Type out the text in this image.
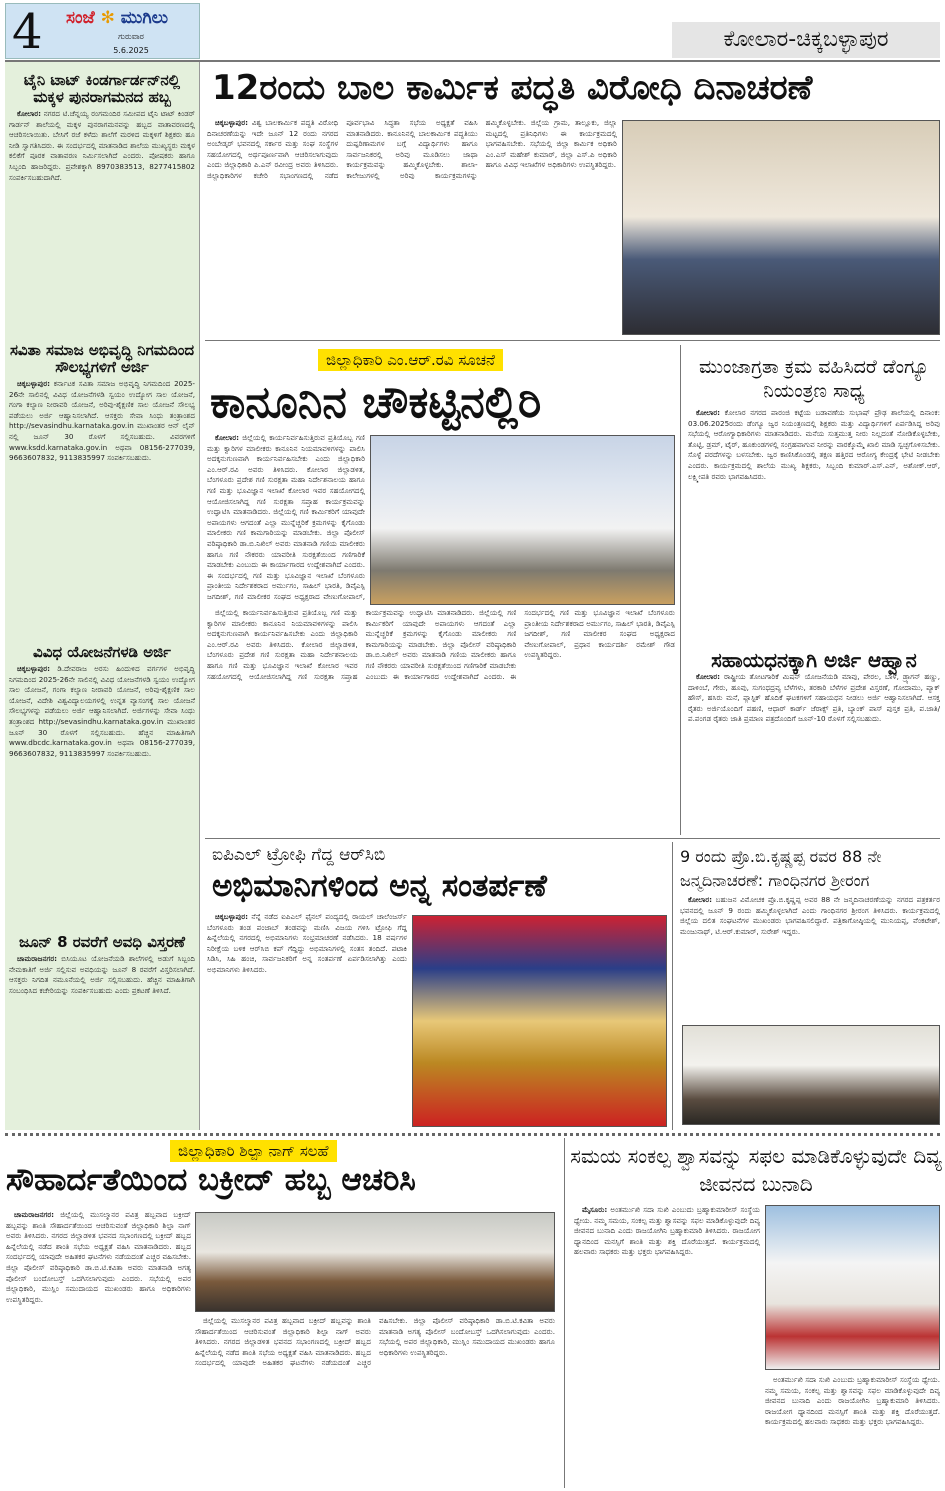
4 ಸಂಜೆ ✻ ಮುಗಿಲು
ಗುರುವಾರ
5.6.2025	ಕೋಲಾರ-ಚಿಕ್ಕಬಳ್ಳಾಪುರ
ಟೈನಿ ಟಾಟ್ ಕಿಂಡರ್ಗಾರ್ಡನ್‌ನಲ್ಲಿ ಮಕ್ಕಳ ಪುನರಾಗಮನದ ಹಬ್ಬ

ಕೋಲಾರ: ನಗರದ ಟಿ.ಚೆನ್ನಯ್ಯ ರಂಗಮಂದಿರ ಸಮೀಪದ ಟೈನಿ ಟಾಟ್ ಕಿಂಡರ್ ಗಾರ್ಡನ್ ಶಾಲೆಯಲ್ಲಿ ಮಕ್ಕಳ ಪುನರಾಗಮನವನ್ನು ಹಬ್ಬದ ವಾತಾವರಣದಲ್ಲಿ ಆಚರಿಸಲಾಯಿತು. ಬೇಸಿಗೆ ರಜೆ ಕಳೆದು ಶಾಲೆಗೆ ಮರಳಿದ ಮಕ್ಕಳಿಗೆ ಶಿಕ್ಷಕರು ಹೂ ನೀಡಿ ಸ್ವಾಗತಿಸಿದರು. ಈ ಸಂದರ್ಭದಲ್ಲಿ ಮಾತನಾಡಿದ ಶಾಲೆಯ ಮುಖ್ಯಸ್ಥರು ಮಕ್ಕಳ ಕಲಿಕೆಗೆ ಪೂರಕ ವಾತಾವರಣ ನಿರ್ಮಿಸಲಾಗಿದೆ ಎಂದರು. ಪೋಷಕರು ಹಾಗೂ ಸಿಬ್ಬಂದಿ ಹಾಜರಿದ್ದರು. ಪ್ರವೇಶಕ್ಕಾಗಿ 8970383513, 8277415802 ಸಂಪರ್ಕಿಸಬಹುದಾಗಿದೆ.

ಸವಿತಾ ಸಮಾಜ ಅಭಿವೃದ್ಧಿ ನಿಗಮದಿಂದ ಸೌಲಭ್ಯಗಳಿಗೆ ಅರ್ಜಿ

ಚಿಕ್ಕಬಳ್ಳಾಪುರ: ಕರ್ನಾಟಕ ಸವಿತಾ ಸಮಾಜ ಅಭಿವೃದ್ಧಿ ನಿಗಮದಿಂದ 2025-26ನೇ ಸಾಲಿನಲ್ಲಿ ವಿವಿಧ ಯೋಜನೆಗಳಡಿ ಸ್ವಯಂ ಉದ್ಯೋಗ ಸಾಲ ಯೋಜನೆ, ಗಂಗಾ ಕಲ್ಯಾಣ ನೀರಾವರಿ ಯೋಜನೆ, ಅರಿವು-ಶೈಕ್ಷಣಿಕ ಸಾಲ ಯೋಜನೆ ಸೌಲಭ್ಯ ಪಡೆಯಲು ಅರ್ಜಿ ಆಹ್ವಾನಿಸಲಾಗಿದೆ. ಆಸಕ್ತರು ಸೇವಾ ಸಿಂಧು ತಂತ್ರಾಂಶದ http://sevasindhu.karnataka.gov.in ಮುಖಾಂತರ ಆನ್ ಲೈನ್ ನಲ್ಲಿ ಜೂನ್ 30 ರೊಳಗೆ ಸಲ್ಲಿಸಬಹುದು. ವಿವರಗಳಿಗೆ www.ksdd.karnataka.gov.in ಅಥವಾ 08156-277039, 9663607832, 9113835997 ಸಂಪರ್ಕಿಸಬಹುದು.

ವಿವಿಧ ಯೋಜನೆಗಳಡಿ ಅರ್ಜಿ

ಚಿಕ್ಕಬಳ್ಳಾಪುರ: ಡಿ.ದೇವರಾಜ ಅರಸು ಹಿಂದುಳಿದ ವರ್ಗಗಳ ಅಭಿವೃದ್ಧಿ ನಿಗಮದಿಂದ 2025-26ನೇ ಸಾಲಿನಲ್ಲಿ ವಿವಿಧ ಯೋಜನೆಗಳಡಿ ಸ್ವಯಂ ಉದ್ಯೋಗ ಸಾಲ ಯೋಜನೆ, ಗಂಗಾ ಕಲ್ಯಾಣ ನೀರಾವರಿ ಯೋಜನೆ, ಅರಿವು-ಶೈಕ್ಷಣಿಕ ಸಾಲ ಯೋಜನೆ, ವಿದೇಶಿ ವಿಶ್ವವಿದ್ಯಾಲಯಗಳಲ್ಲಿ ಉನ್ನತ ವ್ಯಾಸಂಗಕ್ಕೆ ಸಾಲ ಯೋಜನೆ ಸೌಲಭ್ಯಗಳನ್ನು ಪಡೆಯಲು ಅರ್ಜಿ ಆಹ್ವಾನಿಸಲಾಗಿದೆ. ಅರ್ಜಿಗಳನ್ನು ಸೇವಾ ಸಿಂಧು ತಂತ್ರಾಂಶದ http://sevasindhu.karnataka.gov.in ಮುಖಾಂತರ ಜೂನ್ 30 ರೊಳಗೆ ಸಲ್ಲಿಸಬಹುದು. ಹೆಚ್ಚಿನ ಮಾಹಿತಿಗಾಗಿ www.dbcdc.karnataka.gov.in ಅಥವಾ 08156-277039, 9663607832, 9113835997 ಸಂಪರ್ಕಿಸಬಹುದು.

ಜೂನ್ 8 ರವರೆಗೆ ಅವಧಿ ವಿಸ್ತರಣೆ

ಚಾಮರಾಜನಗರ: ಬಿಸಿಯೂಟ ಯೋಜನೆಯಡಿ ಶಾಲೆಗಳಲ್ಲಿ ಅಡುಗೆ ಸಿಬ್ಬಂದಿ ನೇಮಕಾತಿಗೆ ಅರ್ಜಿ ಸಲ್ಲಿಸುವ ಅವಧಿಯನ್ನು ಜೂನ್ 8 ರವರೆಗೆ ವಿಸ್ತರಿಸಲಾಗಿದೆ. ಆಸಕ್ತರು ನಿಗದಿತ ನಮೂನೆಯಲ್ಲಿ ಅರ್ಜಿ ಸಲ್ಲಿಸಬಹುದು. ಹೆಚ್ಚಿನ ಮಾಹಿತಿಗಾಗಿ ಸಂಬಂಧಿಸಿದ ಕಚೇರಿಯನ್ನು ಸಂಪರ್ಕಿಸಬಹುದು ಎಂದು ಪ್ರಕಟಣೆ ತಿಳಿಸಿದೆ.

12ರಂದು ಬಾಲ ಕಾರ್ಮಿಕ ಪದ್ಧತಿ ವಿರೋಧಿ ದಿನಾಚರಣೆ

ಚಿಕ್ಕಬಳ್ಳಾಪುರ: ವಿಶ್ವ ಬಾಲಕಾರ್ಮಿಕ ಪದ್ಧತಿ ವಿರೋಧಿ ದಿನಾಚರಣೆಯನ್ನು ಇದೇ ಜೂನ್ 12 ರಂದು ನಗರದ ಅಂಬೇಡ್ಕರ್ ಭವನದಲ್ಲಿ ಸರ್ಕಾರ ಮತ್ತು ಸಂಘ ಸಂಸ್ಥೆಗಳ ಸಹಯೋಗದಲ್ಲಿ ಅರ್ಥಪೂರ್ಣವಾಗಿ ಆಚರಿಸಲಾಗುವುದು ಎಂದು ಜಿಲ್ಲಾಧಿಕಾರಿ ಪಿ.ಎನ್ ರವೀಂದ್ರ ಅವರು ತಿಳಿಸಿದರು. ಜಿಲ್ಲಾಧಿಕಾರಿಗಳ ಕಚೇರಿ ಸಭಾಂಗಣದಲ್ಲಿ ನಡೆದ ಪೂರ್ವಭಾವಿ ಸಿದ್ಧತಾ ಸಭೆಯ ಅಧ್ಯಕ್ಷತೆ ವಹಿಸಿ ಮಾತನಾಡಿದರು. ಕಾನೂನಿನಲ್ಲಿ ಬಾಲಕಾರ್ಮಿಕ ಪದ್ಧತಿಯು ದುಷ್ಪರಿಣಾಮಗಳ ಬಗ್ಗೆ ವಿದ್ಯಾರ್ಥಿಗಳು ಹಾಗೂ ಸಾರ್ವಜನಿಕರಲ್ಲಿ ಅರಿವು ಮೂಡಿಸಲು ಜಾಥಾ ಕಾರ್ಯಕ್ರಮವನ್ನು ಹಮ್ಮಿಕೊಳ್ಳಬೇಕು. ಶಾಲಾ-ಕಾಲೇಜುಗಳಲ್ಲಿ ಅರಿವು ಕಾರ್ಯಕ್ರಮಗಳನ್ನು ಹಮ್ಮಿಕೊಳ್ಳಬೇಕು. ಜಿಲ್ಲೆಯ ಗ್ರಾಮ, ತಾಲ್ಲೂಕು, ಜಿಲ್ಲಾ ಮಟ್ಟದಲ್ಲಿ ಪ್ರತಿನಿಧಿಗಳು ಈ ಕಾರ್ಯಕ್ರಮದಲ್ಲಿ ಭಾಗವಹಿಸಬೇಕು. ಸಭೆಯಲ್ಲಿ ಜಿಲ್ಲಾ ಕಾರ್ಮಿಕ ಅಧಿಕಾರಿ ಎಂ.ಎಸ್ ಮಹೇಶ್ ಕುಮಾರ್, ಜಿಲ್ಲಾ ಎಸ್.ಪಿ ಅಧಿಕಾರಿ ಹಾಗೂ ವಿವಿಧ ಇಲಾಖೆಗಳ ಅಧಿಕಾರಿಗಳು ಉಪಸ್ಥಿತರಿದ್ದರು.

ಜಿಲ್ಲಾಧಿಕಾರಿ ಎಂ.ಆರ್.ರವಿ ಸೂಚನೆ
ಕಾನೂನಿನ ಚೌಕಟ್ಟಿನಲ್ಲಿರಿ

ಕೋಲಾರ: ಜಿಲ್ಲೆಯಲ್ಲಿ ಕಾರ್ಯನಿರ್ವಹಿಸುತ್ತಿರುವ ಪ್ರತಿಯೊಬ್ಬ ಗಣಿ ಮತ್ತು ಕ್ವಾರಿಗಳ ಮಾಲೀಕರು ಕಾನೂನಿನ ನಿಯಮಾವಳಿಗಳನ್ನು ಪಾಲಿಸಿ ಅದಕ್ಕನುಗುಣವಾಗಿ ಕಾರ್ಯನಿರ್ವಹಿಸಬೇಕು ಎಂದು ಜಿಲ್ಲಾಧಿಕಾರಿ ಎಂ.ಆರ್.ರವಿ ಅವರು ತಿಳಿಸಿದರು. ಕೋಲಾರ ಜಿಲ್ಲಾಡಳಿತ, ಬೆಂಗಳೂರು ಪ್ರದೇಶ ಗಣಿ ಸುರಕ್ಷತಾ ಮಹಾ ನಿರ್ದೇಶನಾಲಯ ಹಾಗೂ ಗಣಿ ಮತ್ತು ಭೂವಿಜ್ಞಾನ ಇಲಾಖೆ ಕೋಲಾರ ಇವರ ಸಹಯೋಗದಲ್ಲಿ ಆಯೋಜಿಸಲಾಗಿದ್ದ ಗಣಿ ಸುರಕ್ಷತಾ ಸಪ್ತಾಹ ಕಾರ್ಯಕ್ರಮವನ್ನು ಉದ್ಘಾಟಿಸಿ ಮಾತನಾಡಿದರು. ಜಿಲ್ಲೆಯಲ್ಲಿ ಗಣಿ ಕಾರ್ಮಿಕರಿಗೆ ಯಾವುದೇ ಅಪಾಯಗಳು ಆಗದಂತೆ ಎಲ್ಲಾ ಮುನ್ನೆಚ್ಚರಿಕೆ ಕ್ರಮಗಳನ್ನು ಕೈಗೊಂಡು ಮಾಲೀಕರು ಗಣಿ ಕಾಮಗಾರಿಯನ್ನು ಮಾಡಬೇಕು. ಜಿಲ್ಲಾ ಪೊಲೀಸ್ ವರಿಷ್ಠಾಧಿಕಾರಿ ಡಾ.ಬಿ.ನಿಖಿಲ್ ಅವರು ಮಾತನಾಡಿ ಗಣಿಯ ಮಾಲೀಕರು ಹಾಗೂ ಗಣಿ ನೌಕರರು ಯಾವರೀತಿ ಸುರಕ್ಷತೆಯಿಂದ ಗಣಿಗಾರಿಕೆ ಮಾಡಬೇಕು ಎಂಬುದು ಈ ಕಾರ್ಯಾಗಾರದ ಉದ್ದೇಶವಾಗಿದೆ ಎಂದರು. ಈ ಸಂದರ್ಭದಲ್ಲಿ ಗಣಿ ಮತ್ತು ಭೂವಿಜ್ಞಾನ ಇಲಾಖೆ ಬೆಂಗಳೂರು ಪ್ರಾಂತೀಯ ನಿರ್ದೇಶಕರಾದ ಅರ್ಮುಗಂ, ಸಾಹಿಲ್ ಭಾರತಿ, ಡಿವೈಎಸ್ಪಿ ಜಗದೀಶ್, ಗಣಿ ಮಾಲೀಕರ ಸಂಘದ ಅಧ್ಯಕ್ಷರಾದ ವೇಣುಗೋಪಾಲ್,

ಜಿಲ್ಲೆಯಲ್ಲಿ ಕಾರ್ಯನಿರ್ವಹಿಸುತ್ತಿರುವ ಪ್ರತಿಯೊಬ್ಬ ಗಣಿ ಮತ್ತು ಕ್ವಾರಿಗಳ ಮಾಲೀಕರು ಕಾನೂನಿನ ನಿಯಮಾವಳಿಗಳನ್ನು ಪಾಲಿಸಿ ಅದಕ್ಕನುಗುಣವಾಗಿ ಕಾರ್ಯನಿರ್ವಹಿಸಬೇಕು ಎಂದು ಜಿಲ್ಲಾಧಿಕಾರಿ ಎಂ.ಆರ್.ರವಿ ಅವರು ತಿಳಿಸಿದರು. ಕೋಲಾರ ಜಿಲ್ಲಾಡಳಿತ, ಬೆಂಗಳೂರು ಪ್ರದೇಶ ಗಣಿ ಸುರಕ್ಷತಾ ಮಹಾ ನಿರ್ದೇಶನಾಲಯ ಹಾಗೂ ಗಣಿ ಮತ್ತು ಭೂವಿಜ್ಞಾನ ಇಲಾಖೆ ಕೋಲಾರ ಇವರ ಸಹಯೋಗದಲ್ಲಿ ಆಯೋಜಿಸಲಾಗಿದ್ದ ಗಣಿ ಸುರಕ್ಷತಾ ಸಪ್ತಾಹ ಕಾರ್ಯಕ್ರಮವನ್ನು ಉದ್ಘಾಟಿಸಿ ಮಾತನಾಡಿದರು. ಜಿಲ್ಲೆಯಲ್ಲಿ ಗಣಿ ಕಾರ್ಮಿಕರಿಗೆ ಯಾವುದೇ ಅಪಾಯಗಳು ಆಗದಂತೆ ಎಲ್ಲಾ ಮುನ್ನೆಚ್ಚರಿಕೆ ಕ್ರಮಗಳನ್ನು ಕೈಗೊಂಡು ಮಾಲೀಕರು ಗಣಿ ಕಾಮಗಾರಿಯನ್ನು ಮಾಡಬೇಕು. ಜಿಲ್ಲಾ ಪೊಲೀಸ್ ವರಿಷ್ಠಾಧಿಕಾರಿ ಡಾ.ಬಿ.ನಿಖಿಲ್ ಅವರು ಮಾತನಾಡಿ ಗಣಿಯ ಮಾಲೀಕರು ಹಾಗೂ ಗಣಿ ನೌಕರರು ಯಾವರೀತಿ ಸುರಕ್ಷತೆಯಿಂದ ಗಣಿಗಾರಿಕೆ ಮಾಡಬೇಕು ಎಂಬುದು ಈ ಕಾರ್ಯಾಗಾರದ ಉದ್ದೇಶವಾಗಿದೆ ಎಂದರು. ಈ ಸಂದರ್ಭದಲ್ಲಿ ಗಣಿ ಮತ್ತು ಭೂವಿಜ್ಞಾನ ಇಲಾಖೆ ಬೆಂಗಳೂರು ಪ್ರಾಂತೀಯ ನಿರ್ದೇಶಕರಾದ ಅರ್ಮುಗಂ, ಸಾಹಿಲ್ ಭಾರತಿ, ಡಿವೈಎಸ್ಪಿ ಜಗದೀಶ್, ಗಣಿ ಮಾಲೀಕರ ಸಂಘದ ಅಧ್ಯಕ್ಷರಾದ ವೇಣುಗೋಪಾಲ್, ಪ್ರಧಾನ ಕಾರ್ಯದರ್ಶಿ ರಮೇಶ್ ಗೌಡ ಉಪಸ್ಥಿತರಿದ್ದರು.

ಮುಂಜಾಗ್ರತಾ ಕ್ರಮ ವಹಿಸಿದರೆ ಡೆಂಗ್ಯೂ ನಿಯಂತ್ರಣ ಸಾಧ್ಯ

ಕೋಲಾರ: ಕೋಲಾರ ನಗರದ ಪಾರಂಜಿ ಕಟ್ಟೆಯ ಬಡಾವಣೆಯ ಸುಭಾಷ್ ಪ್ರೌಢ ಶಾಲೆಯಲ್ಲಿ ದಿನಾಂಕ: 03.06.2025ರಂದು ಡೆಂಗ್ಯೂ ಜ್ವರ ನಿಯಂತ್ರಣದಲ್ಲಿ ಶಿಕ್ಷಕರು ಮತ್ತು ವಿದ್ಯಾರ್ಥಿಗಳಿಗೆ ಏರ್ಪಡಿಸಿದ್ದ ಅರಿವು ಸಭೆಯಲ್ಲಿ ಆರೋಗ್ಯಾಧಿಕಾರಿಗಳು ಮಾತನಾಡಿದರು. ಮನೆಯ ಸುತ್ತಮುತ್ತ ನೀರು ನಿಲ್ಲದಂತೆ ನೋಡಿಕೊಳ್ಳಬೇಕು, ತೊಟ್ಟಿ, ಡ್ರಮ್, ಟೈರ್, ಹೂಕುಂಡಗಳಲ್ಲಿ ಸಂಗ್ರಹವಾಗುವ ನೀರನ್ನು ವಾರಕ್ಕೊಮ್ಮೆ ಖಾಲಿ ಮಾಡಿ ಸ್ವಚ್ಛಗೊಳಿಸಬೇಕು. ಸೊಳ್ಳೆ ಪರದೆಗಳನ್ನು ಬಳಸಬೇಕು. ಜ್ವರ ಕಾಣಿಸಿಕೊಂಡಲ್ಲಿ ತಕ್ಷಣ ಹತ್ತಿರದ ಆರೋಗ್ಯ ಕೇಂದ್ರಕ್ಕೆ ಭೇಟಿ ನೀಡಬೇಕು ಎಂದರು. ಕಾರ್ಯಕ್ರಮದಲ್ಲಿ ಶಾಲೆಯ ಮುಖ್ಯ ಶಿಕ್ಷಕರು, ಸಿಬ್ಬಂದಿ ಕುಮಾರ್.ಎಸ್.ಎನ್, ಅಶೋಕ್.ಆರ್, ಲಕ್ಷ್ಮೀಪತಿ ರವರು ಭಾಗವಹಿಸಿದರು.

ಸಹಾಯಧನಕ್ಕಾಗಿ ಅರ್ಜಿ ಆಹ್ವಾನ

ಕೋಲಾರ: ರಾಷ್ಟ್ರೀಯ ತೋಟಗಾರಿಕೆ ಮಿಷನ್ ಯೋಜನೆಯಡಿ ಮಾವು, ಪೇರಲ, ಬಾಳೆ, ಡ್ರ್ಯಾಗನ್ ಹಣ್ಣು, ದಾಳಿಂಬೆ, ಗೇರು, ಹೂವು, ಸುಗಂಧದ್ರವ್ಯ ಬೆಳೆಗಳು, ತರಕಾರಿ ಬೆಳೆಗಳ ಪ್ರದೇಶ ವಿಸ್ತರಣೆ, ಗೋದಾಮು, ಪ್ಯಾಕ್ ಹೌಸ್, ಹಸಿರು ಮನೆ, ಪ್ಲಾಸ್ಟಿಕ್ ಹೊದಿಕೆ ಘಟಕಗಳಿಗೆ ಸಹಾಯಧನ ನೀಡಲು ಅರ್ಜಿ ಆಹ್ವಾನಿಸಲಾಗಿದೆ. ಆಸಕ್ತ ರೈತರು ಅರ್ಜಿಯೊಂದಿಗೆ ಪಹಣಿ, ಆಧಾರ್ ಕಾರ್ಡ್ ಜೆರಾಕ್ಸ್ ಪ್ರತಿ, ಬ್ಯಾಂಕ್ ಪಾಸ್ ಪುಸ್ತಕ ಪ್ರತಿ, ಪ.ಜಾತಿ/ಪ.ಪಂಗಡ ರೈತರು ಜಾತಿ ಪ್ರಮಾಣ ಪತ್ರದೊಂದಿಗೆ ಜೂನ್-10 ರೊಳಗೆ ಸಲ್ಲಿಸಬಹುದು.

ಐಪಿಎಲ್ ಟ್ರೋಫಿ ಗೆದ್ದ ಆರ್‌ಸಿಬಿ
ಅಭಿಮಾನಿಗಳಿಂದ ಅನ್ನ ಸಂತರ್ಪಣೆ

ಚಿಕ್ಕಬಳ್ಳಾಪುರ: ನೆನ್ನೆ ನಡೆದ ಐಪಿಎಲ್ ಫೈನಲ್ ಪಂದ್ಯದಲ್ಲಿ ರಾಯಲ್ ಚಾಲೆಂಜರ್ಸ್ ಬೆಂಗಳೂರು ತಂಡ ಪಂಜಾಬ್ ತಂಡವನ್ನು ಮಣಿಸಿ ವಿಜಯ ಗಳಿಸಿ ಟ್ರೋಫಿ ಗೆದ್ದ ಹಿನ್ನೆಲೆಯಲ್ಲಿ ನಗರದಲ್ಲಿ ಅಭಿಮಾನಿಗಳು ಸಂಭ್ರಮಾಚರಣೆ ನಡೆಸಿದರು. 18 ವರ್ಷಗಳ ನಿರೀಕ್ಷೆಯ ಬಳಿಕ ಆರ್‌ಸಿಬಿ ಕಪ್ ಗೆದ್ದಿದ್ದು ಅಭಿಮಾನಿಗಳಲ್ಲಿ ಸಂತಸ ತಂದಿದೆ. ಪಟಾಕಿ ಸಿಡಿಸಿ, ಸಿಹಿ ಹಂಚಿ, ಸಾರ್ವಜನಿಕರಿಗೆ ಅನ್ನ ಸಂತರ್ಪಣೆ ಏರ್ಪಡಿಸಲಾಗಿತ್ತು ಎಂದು ಅಭಿಮಾನಿಗಳು ತಿಳಿಸಿದರು.

9 ರಂದು ಪ್ರೊ.ಬಿ.ಕೃಷ್ಣಪ್ಪ ರವರ 88 ನೇ ಜನ್ಮದಿನಾಚರಣೆ: ಗಾಂಧಿನಗರ ಶ್ರೀರಂಗ

ಕೋಲಾರ: ಬಹುಜನ ವಿಮೋಚಕ ಪ್ರೊ.ಬಿ.ಕೃಷ್ಣಪ್ಪ ಅವರ 88 ನೇ ಜನ್ಮದಿನಾಚರಣೆಯನ್ನು ನಗರದ ಪತ್ರಕರ್ತರ ಭವನದಲ್ಲಿ ಜೂನ್ 9 ರಂದು ಹಮ್ಮಿಕೊಳ್ಳಲಾಗಿದೆ ಎಂದು ಗಾಂಧಿನಗರ ಶ್ರೀರಂಗ ತಿಳಿಸಿದರು. ಕಾರ್ಯಕ್ರಮದಲ್ಲಿ ಜಿಲ್ಲೆಯ ದಲಿತ ಸಂಘಟನೆಗಳ ಮುಖಂಡರು ಭಾಗವಹಿಸಲಿದ್ದಾರೆ. ಪತ್ರಿಕಾಗೋಷ್ಠಿಯಲ್ಲಿ ಮುನಿಯಪ್ಪ, ವೆಂಕಟೇಶ್, ಮಂಜುನಾಥ್, ಟಿ.ಆರ್.ಕುಮಾರ್, ಸುರೇಶ್ ಇದ್ದರು.

ಜಿಲ್ಲಾಧಿಕಾರಿ ಶಿಲ್ಪಾ ನಾಗ್ ಸಲಹೆ
ಸೌಹಾರ್ದತೆಯಿಂದ ಬಕ್ರೀದ್ ಹಬ್ಬ ಆಚರಿಸಿ

ಚಾಮರಾಜನಗರ: ಜಿಲ್ಲೆಯಲ್ಲಿ ಮುಸಲ್ಮಾನರ ಪವಿತ್ರ ಹಬ್ಬವಾದ ಬಕ್ರೀದ್ ಹಬ್ಬವನ್ನು ಶಾಂತಿ ಸೌಹಾರ್ದತೆಯಿಂದ ಆಚರಿಸುವಂತೆ ಜಿಲ್ಲಾಧಿಕಾರಿ ಶಿಲ್ಪಾ ನಾಗ್ ಅವರು ತಿಳಿಸಿದರು. ನಗರದ ಜಿಲ್ಲಾಡಳಿತ ಭವನದ ಸಭಾಂಗಣದಲ್ಲಿ ಬಕ್ರೀದ್ ಹಬ್ಬದ ಹಿನ್ನೆಲೆಯಲ್ಲಿ ನಡೆದ ಶಾಂತಿ ಸಭೆಯ ಅಧ್ಯಕ್ಷತೆ ವಹಿಸಿ ಮಾತನಾಡಿದರು. ಹಬ್ಬದ ಸಂದರ್ಭದಲ್ಲಿ ಯಾವುದೇ ಅಹಿತಕರ ಘಟನೆಗಳು ನಡೆಯದಂತೆ ಎಚ್ಚರ ವಹಿಸಬೇಕು. ಜಿಲ್ಲಾ ಪೊಲೀಸ್ ವರಿಷ್ಠಾಧಿಕಾರಿ ಡಾ.ಬಿ.ಟಿ.ಕವಿತಾ ಅವರು ಮಾತನಾಡಿ ಅಗತ್ಯ ಪೊಲೀಸ್ ಬಂದೋಬಸ್ತ್ ಒದಗಿಸಲಾಗುವುದು ಎಂದರು. ಸಭೆಯಲ್ಲಿ ಅಪರ ಜಿಲ್ಲಾಧಿಕಾರಿ, ಮುಸ್ಲಿಂ ಸಮುದಾಯದ ಮುಖಂಡರು ಹಾಗೂ ಅಧಿಕಾರಿಗಳು ಉಪಸ್ಥಿತರಿದ್ದರು.

ಜಿಲ್ಲೆಯಲ್ಲಿ ಮುಸಲ್ಮಾನರ ಪವಿತ್ರ ಹಬ್ಬವಾದ ಬಕ್ರೀದ್ ಹಬ್ಬವನ್ನು ಶಾಂತಿ ಸೌಹಾರ್ದತೆಯಿಂದ ಆಚರಿಸುವಂತೆ ಜಿಲ್ಲಾಧಿಕಾರಿ ಶಿಲ್ಪಾ ನಾಗ್ ಅವರು ತಿಳಿಸಿದರು. ನಗರದ ಜಿಲ್ಲಾಡಳಿತ ಭವನದ ಸಭಾಂಗಣದಲ್ಲಿ ಬಕ್ರೀದ್ ಹಬ್ಬದ ಹಿನ್ನೆಲೆಯಲ್ಲಿ ನಡೆದ ಶಾಂತಿ ಸಭೆಯ ಅಧ್ಯಕ್ಷತೆ ವಹಿಸಿ ಮಾತನಾಡಿದರು. ಹಬ್ಬದ ಸಂದರ್ಭದಲ್ಲಿ ಯಾವುದೇ ಅಹಿತಕರ ಘಟನೆಗಳು ನಡೆಯದಂತೆ ಎಚ್ಚರ ವಹಿಸಬೇಕು. ಜಿಲ್ಲಾ ಪೊಲೀಸ್ ವರಿಷ್ಠಾಧಿಕಾರಿ ಡಾ.ಬಿ.ಟಿ.ಕವಿತಾ ಅವರು ಮಾತನಾಡಿ ಅಗತ್ಯ ಪೊಲೀಸ್ ಬಂದೋಬಸ್ತ್ ಒದಗಿಸಲಾಗುವುದು ಎಂದರು. ಸಭೆಯಲ್ಲಿ ಅಪರ ಜಿಲ್ಲಾಧಿಕಾರಿ, ಮುಸ್ಲಿಂ ಸಮುದಾಯದ ಮುಖಂಡರು ಹಾಗೂ ಅಧಿಕಾರಿಗಳು ಉಪಸ್ಥಿತರಿದ್ದರು.

ಸಮಯ ಸಂಕಲ್ಪ ಶ್ವಾಸವನ್ನು ಸಫಲ ಮಾಡಿಕೊಳ್ಳುವುದೇ ದಿವ್ಯ ಜೀವನದ ಬುನಾದಿ

ಮೈಸೂರು: ಅಂತರ್ಮುಖಿ ಸದಾ ಸುಖಿ ಎಂಬುದು ಬ್ರಹ್ಮಾಕುಮಾರೀಸ್ ಸಂಸ್ಥೆಯ ಧ್ಯೇಯ. ನಮ್ಮ ಸಮಯ, ಸಂಕಲ್ಪ ಮತ್ತು ಶ್ವಾಸವನ್ನು ಸಫಲ ಮಾಡಿಕೊಳ್ಳುವುದೇ ದಿವ್ಯ ಜೀವನದ ಬುನಾದಿ ಎಂದು ರಾಜಯೋಗಿನಿ ಬ್ರಹ್ಮಾಕುಮಾರಿ ತಿಳಿಸಿದರು. ರಾಜಯೋಗ ಧ್ಯಾನದಿಂದ ಮನಸ್ಸಿಗೆ ಶಾಂತಿ ಮತ್ತು ಶಕ್ತಿ ದೊರೆಯುತ್ತದೆ. ಕಾರ್ಯಕ್ರಮದಲ್ಲಿ ಹಲವಾರು ಸಾಧಕರು ಮತ್ತು ಭಕ್ತರು ಭಾಗವಹಿಸಿದ್ದರು.

ಅಂತರ್ಮುಖಿ ಸದಾ ಸುಖಿ ಎಂಬುದು ಬ್ರಹ್ಮಾಕುಮಾರೀಸ್ ಸಂಸ್ಥೆಯ ಧ್ಯೇಯ. ನಮ್ಮ ಸಮಯ, ಸಂಕಲ್ಪ ಮತ್ತು ಶ್ವಾಸವನ್ನು ಸಫಲ ಮಾಡಿಕೊಳ್ಳುವುದೇ ದಿವ್ಯ ಜೀವನದ ಬುನಾದಿ ಎಂದು ರಾಜಯೋಗಿನಿ ಬ್ರಹ್ಮಾಕುಮಾರಿ ತಿಳಿಸಿದರು. ರಾಜಯೋಗ ಧ್ಯಾನದಿಂದ ಮನಸ್ಸಿಗೆ ಶಾಂತಿ ಮತ್ತು ಶಕ್ತಿ ದೊರೆಯುತ್ತದೆ. ಕಾರ್ಯಕ್ರಮದಲ್ಲಿ ಹಲವಾರು ಸಾಧಕರು ಮತ್ತು ಭಕ್ತರು ಭಾಗವಹಿಸಿದ್ದರು.
